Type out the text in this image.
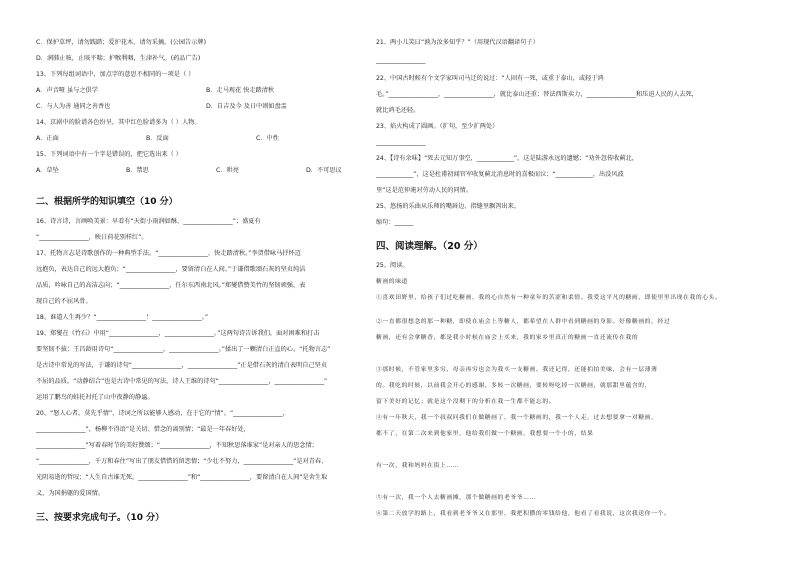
C．保护草坪，请勿践踏；爱护花木，请勿采摘。(公园告示牌)
D．润肺止咳，止咳平喘；护喉利咽，生津补气。(药品广告)
13、下列每组词语中，加点字的意思不相同的一项是（ ）
A．声音哑 虽与之俱学	B．走马观花 快走踏清秋
C．与人为善 通同之善香也	D．自吉及今 及日中则如盘盂
14、京剧中的脸谱各色纷呈，其中红色脸谱多为（ ）人物。
A．正面	B．反面	C．中性
15、下列词语中有一个字是错误的，把它选出来（ ）
A．草坠	B．禁思	C．哄亮	D．不可思议
二、根据所学的知识填空（10 分）
16、诗言诗，言画唤美景：早看有“天街小雨润如酥，________________”；盛夏有
“________________，映日荷花别样红”。
17、托物言志是诗歌创作的一种典型手法。“________________，快走踏清秋。”李贺借咏马抒怀迈
远抱负，表达自己的远大抱负；“________________，要留清白在人间。”于谦借歌颂石灰的坚贞纯洁
品质，吟咏自己的高洁志向；“________________，任尔东西南北风。”郑燮借赞美竹的坚韧顽强，表
现自己的不屈风骨。
18、谁道人生再少？“________________！________________。”
19、郑燮在《竹石》中用“________________，________________。”这两句诗告诉我们，面对困难和打击
要坚韧不拔；王昌龄用诗句“________________，________________。”揉出了一颗清白正直的心。“托物言志”
是古诗中常见的写法，于谦的诗句“________________，________________”正是借石灰的清白表明自己坚贞
不屈的品质。“动静结合”也是古诗中常见的写法，诗人王维的诗句“________________，________________”
运用了鹏鸟的蛙托衬托了山中夜静的静谧。
20、“怒人心者，莫先乎情”，诗词之所以能够人感动，在于它的“情”。“________________，
________________”，杨柳不得语”是关切、惜念的离别情；“最是一年春好处，
________________”写着春时节的美好赞颂；“________________，不知秋思落谁家”是对亲人的思念情；
“________________，千万和春住”写出了朋友惜惜的留恋情；“少壮不努力，________________”是对青春、
光阴易逝的哲叹；“人生自古谁无死，________________”和“________________，要留清白在人间”是舍生取
义、为国捐躯的爱国情。
三、按要求完成句子。（10 分）
21、两小儿笑曰“孰为汝多知乎？”（用现代汉语翻译句子）
________________
22、中国古时候有个文学家叫司马迁的说过：“人固有一死，或重于泰山，或轻于鸿
毛。”________________，________________，就比泰山还重；替法西斯卖力，________________和压迫人民的人去死，
就比鸿毛还轻。
23、焰火构成了圆画。（扩句，至少扩两处）
________________
24、【诗有余味】“死去元知万事空，____________”，这是陆游永远的遗憾；“劝外忽传收蓟北，
____________”，这是杜甫初闻官军收复蓟北消息时的喜极而泣；“____________，出没风波
里”这是范仲淹对劳动人民的同情。
25、悠扬的乐曲从乐师的嘴唇边、指缝里飘泻出来。
缩句：______
四、阅读理解。（20 分）
25、阅读。
糖画的味道
①喜欢田野里，给孩子们过吃糖画，我的心自然有一种童年的苦涩和柔情。我爱这平凡的糖画，即使里里出现在我的心头。
②一直都很想念的那一种糖，即使在庙会上等糖人，都希望在人群中看到糖画的身影。好像糖画的，经过
糖画，还有会拿糖香，都是我小时候在庙会上买来，我的家乡里真正的糖画一直还流传在我的
③那时候，不管家里多穷，母亲再穷也会为我买一支糖画。我还记得，还能拍拍美味，会有一层薄薄
的。我吃的时候，以前我会开心的感谢，多转一次糖画，要转呀吃掉一次糖画，就那甜里蕴含的，
留下美好的记忆；就是这个没剩下的分析在我一生都不能忘的。
④有一年秋天，我一个叔叔问我们在做糖画了，我一个糖画的，我一个人走，过去想要拿一对糖画，
都不了，在第二次来到他家里，他给我们做一个糖画，我想要一个小的，结果
有一次，我和妈妈在街上……
⑤有一次，我一个人去糖画摊，那个做糖画的老爷爷……
⑥第二天放学的路上，我看到老爷爷又在那里，我把积攒的零钱给他，他看了看我说，这次我送你一个。
